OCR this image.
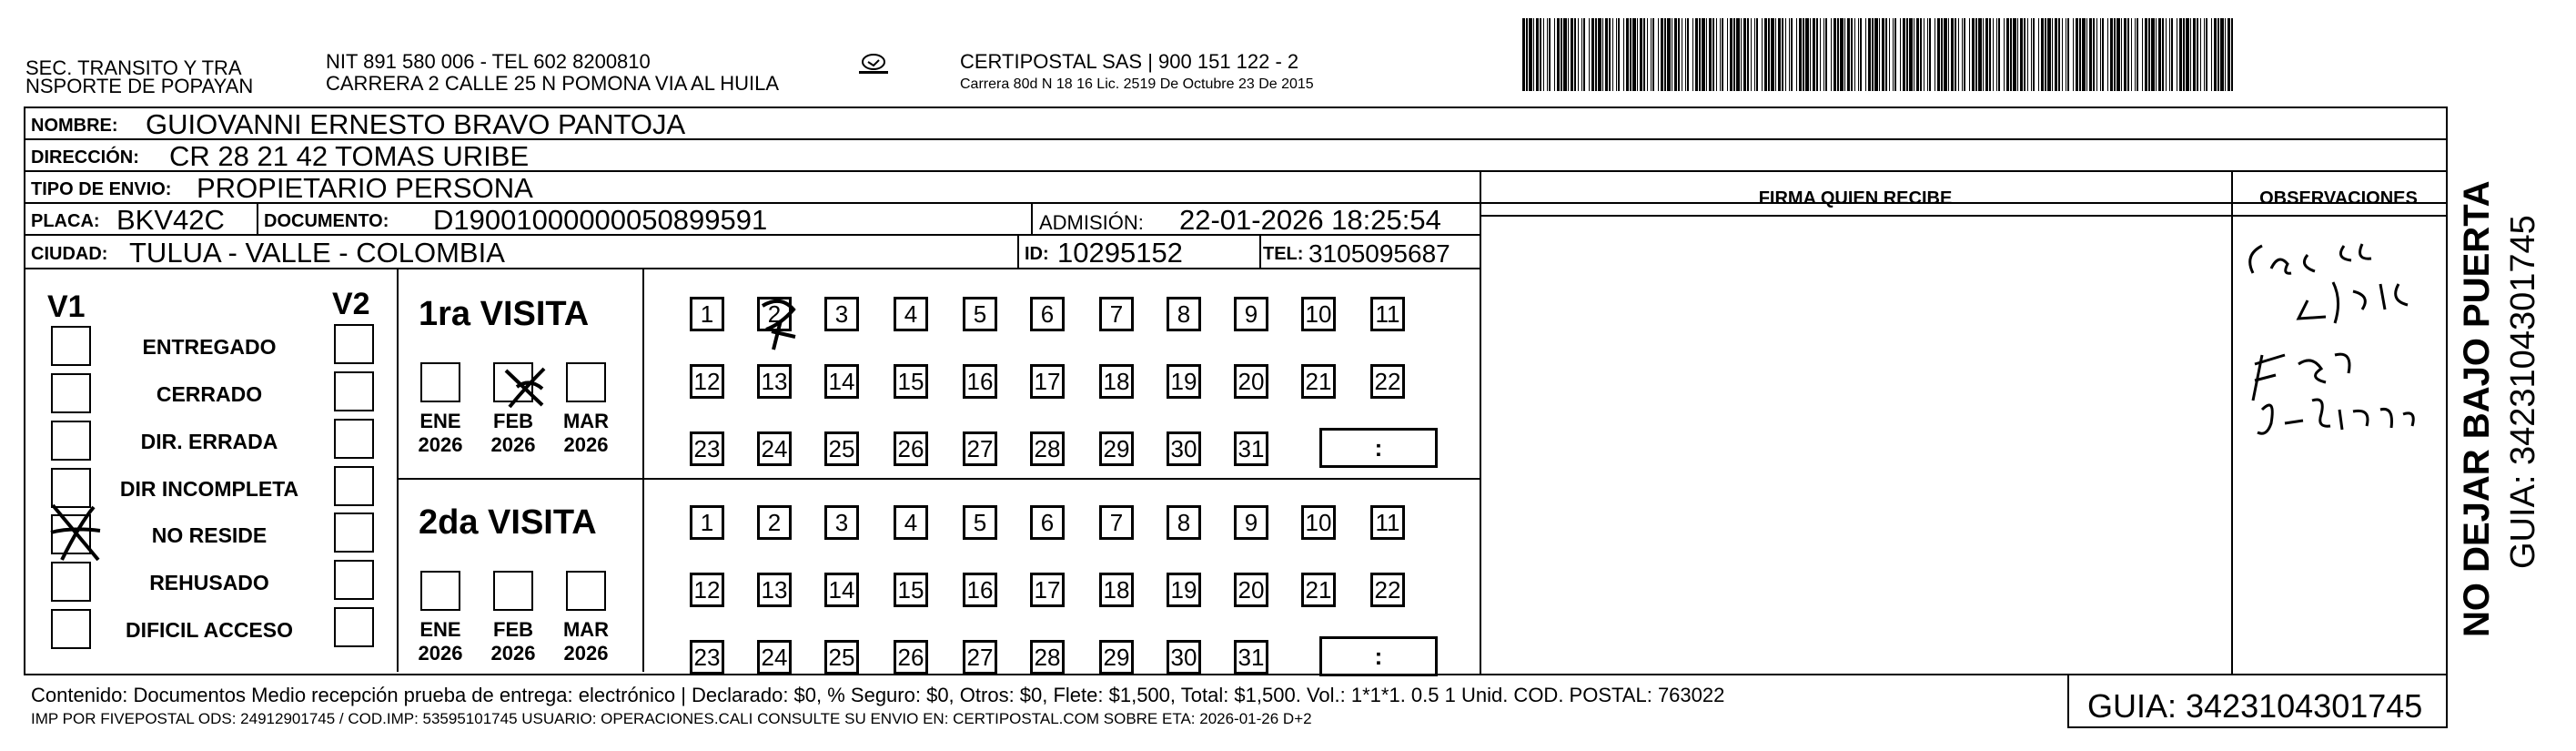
SEC. TRANSITO Y TRA
NSPORTE DE POPAYAN
NIT 891 580 006 - TEL 602 8200810
CARRERA 2 CALLE 25 N POMONA VIA AL HUILA
CERTIPOSTAL SAS | 900 151 122 - 2
Carrera 80d N 18 16 Lic. 2519 De Octubre 23 De 2015
NOMBRE: GUIOVANNI ERNESTO BRAVO PANTOJA
DIRECCIÓN: CR 28 21 42 TOMAS URIBE
TIPO DE ENVIO: PROPIETARIO PERSONA
PLACA: BKV42C DOCUMENTO: D19001000000050899591	ADMISIÓN: 22-01-2026 18:25:54
CIUDAD: TULUA - VALLE - COLOMBIA	ID: 10295152	TEL: 3105095687
FIRMA QUIEN RECIBE	OBSERVACIONES	NO DEJAR BAJO PUERTA GUIA: 3423104301745
V1	V2
ENTREGADO
CERRADO
DIR. ERRADA
DIR INCOMPLETA
NO RESIDE
REHUSADO
DIFICIL ACCESO
1ra VISITA
ENE
2026
FEB
2026
MAR
2026
1	2	3	4	5	6	7	8	9	10 11
12 13 14 15 16 17 18 19 20 21 22
23 24 25 26 27 28 29 30 31	:
2da VISITA
ENE
2026
FEB
2026
MAR
2026
1	2	3	4	5	6	7	8	9	10 11
12 13 14 15 16 17 18 19 20 21 22
23 24 25 26 27 28 29 30 31	:
Contenido: Documentos Medio recepción prueba de entrega: electrónico | Declarado: $0, % Seguro: $0, Otros: $0, Flete: $1,500, Total: $1,500. Vol.: 1*1*1. 0.5 1 Unid. COD. POSTAL: 763022
IMP POR FIVEPOSTAL ODS: 24912901745 / COD.IMP: 53595101745 USUARIO: OPERACIONES.CALI CONSULTE SU ENVIO EN: CERTIPOSTAL.COM SOBRE ETA: 2026-01-26 D+2	GUIA: 3423104301745
